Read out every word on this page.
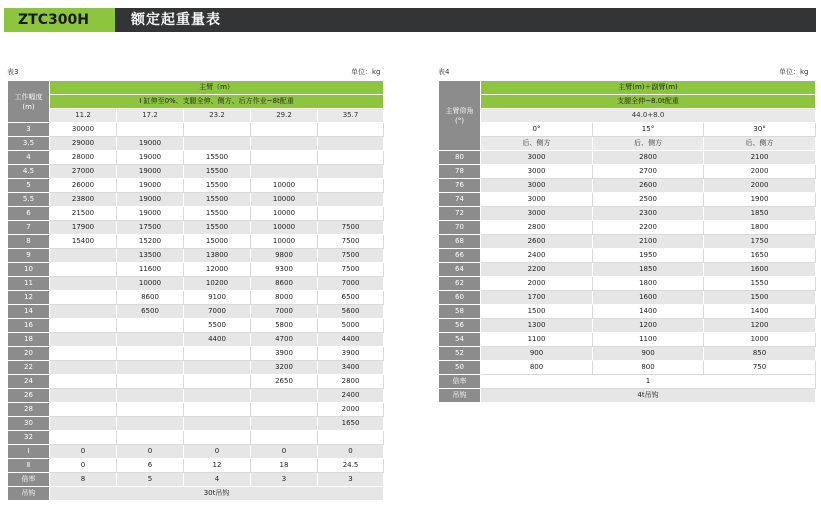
ZTC300H	额定起重量表
表3	单位：kg
工作幅度
(m)	主臂（m）				
	Ⅰ 缸伸至0%、支腿全伸、侧方、后方作业~8t配重				
	11.2	17.2	23.2	29.2	35.7
3	30000				
3.5	29000	19000			
4	28000	19000	15500		
4.5	27000	19000	15500		
5	26000	19000	15500	10000	
5.5	23800	19000	15500	10000	
6	21500	19000	15500	10000	
7	17900	17500	15500	10000	7500
8	15400	15200	15000	10000	7500
9		13500	13800	9800	7500
10		11600	12000	9300	7500
11		10000	10200	8600	7000
12		8600	9100	8000	6500
14		6500	7000	7000	5600
16			5500	5800	5000
18			4400	4700	4400
20				3900	3900
22				3200	3400
24				2650	2800
26					2400
28					2000
30					1650
32					
Ⅰ	0	0	0	0	0
Ⅱ	0	6	12	18	24.5
倍率	8	5	4	3	3
吊钩	30t吊钩				
表4	单位：kg
主臂仰角
(°)	主臂(m)＋副臂(m)		
	支腿全伸~8.0t配重		
	44.0+8.0		
	0°	15°	30°
	后、侧方	后、侧方	后、侧方
80	3000	2800	2100
78	3000	2700	2000
76	3000	2600	2000
74	3000	2500	1900
72	3000	2300	1850
70	2800	2200	1800
68	2600	2100	1750
66	2400	1950	1650
64	2200	1850	1600
62	2000	1800	1550
60	1700	1600	1500
58	1500	1400	1400
56	1300	1200	1200
54	1100	1100	1000
52	900	900	850
50	800	800	750
倍率	1		
吊钩	4t吊钩		
